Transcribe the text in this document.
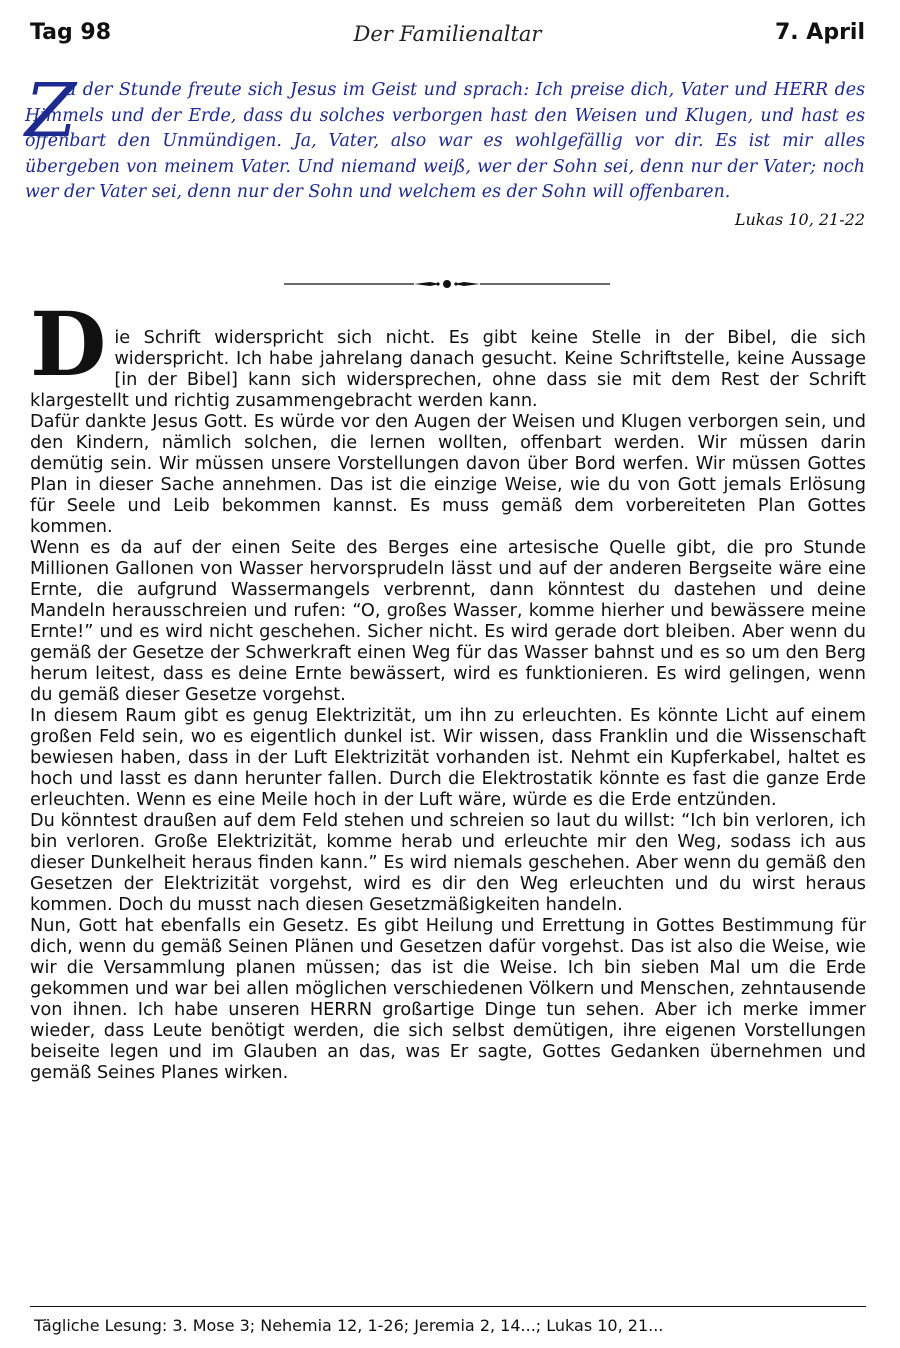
Tag 98	Der Familienaltar	7. April
Z

u der Stunde freute sich Jesus im Geist und sprach: Ich preise dich, Vater und HERR des Himmels und der Erde, dass du solches verborgen hast den Weisen und Klugen, und hast es offenbart den Unmündigen. Ja, Vater, also war es wohlgefällig vor dir. Es ist mir alles übergeben von meinem Vater. Und niemand weiß, wer der Sohn sei, denn nur der Vater; noch wer der Vater sei, denn nur der Sohn und welchem es der Sohn will offenbaren.

Lukas 10, 21-22
D ie Schrift widerspricht sich nicht. Es gibt keine Stelle in der Bibel, die sich widerspricht. Ich habe jahrelang danach gesucht. Keine Schriftstelle, keine Aussage [in der Bibel] kann sich widersprechen, ohne dass sie mit dem Rest der Schrift klargestellt und richtig zusammengebracht werden kann.

Dafür dankte Jesus Gott. Es würde vor den Augen der Weisen und Klugen verborgen sein, und den Kindern, nämlich solchen, die lernen wollten, offenbart werden. Wir müssen darin demütig sein. Wir müssen unsere Vorstellungen davon über Bord werfen. Wir müssen Gottes Plan in dieser Sache annehmen. Das ist die einzige Weise, wie du von Gott jemals Erlösung für Seele und Leib bekommen kannst. Es muss gemäß dem vorbereiteten Plan Gottes kommen.

Wenn es da auf der einen Seite des Berges eine artesische Quelle gibt, die pro Stunde Millionen Gallonen von Wasser hervorsprudeln lässt und auf der anderen Bergseite wäre eine Ernte, die aufgrund Wassermangels verbrennt, dann könntest du dastehen und deine Mandeln herausschreien und rufen: “O, großes Wasser, komme hierher und bewässere meine Ernte!” und es wird nicht geschehen. Sicher nicht. Es wird gerade dort bleiben. Aber wenn du gemäß der Gesetze der Schwerkraft einen Weg für das Wasser bahnst und es so um den Berg herum leitest, dass es deine Ernte bewässert, wird es funktionieren. Es wird gelingen, wenn du gemäß dieser Gesetze vorgehst.

In diesem Raum gibt es genug Elektrizität, um ihn zu erleuchten. Es könnte Licht auf einem großen Feld sein, wo es eigentlich dunkel ist. Wir wissen, dass Franklin und die Wissenschaft bewiesen haben, dass in der Luft Elektrizität vorhanden ist. Nehmt ein Kupferkabel, haltet es hoch und lasst es dann herunter fallen. Durch die Elektrostatik könnte es fast die ganze Erde erleuchten. Wenn es eine Meile hoch in der Luft wäre, würde es die Erde entzünden.

Du könntest draußen auf dem Feld stehen und schreien so laut du willst: “Ich bin verloren, ich bin verloren. Große Elektrizität, komme herab und erleuchte mir den Weg, sodass ich aus dieser Dunkelheit heraus finden kann.” Es wird niemals geschehen. Aber wenn du gemäß den Gesetzen der Elektrizität vorgehst, wird es dir den Weg erleuchten und du wirst heraus kommen. Doch du musst nach diesen Gesetzmäßigkeiten handeln.

Nun, Gott hat ebenfalls ein Gesetz. Es gibt Heilung und Errettung in Gottes Bestimmung für dich, wenn du gemäß Seinen Plänen und Gesetzen dafür vorgehst. Das ist also die Weise, wie wir die Versammlung planen müssen; das ist die Weise. Ich bin sieben Mal um die Erde gekommen und war bei allen möglichen verschiedenen Völkern und Menschen, zehntausende von ihnen. Ich habe unseren HERRN großartige Dinge tun sehen. Aber ich merke immer wieder, dass Leute benötigt werden, die sich selbst demütigen, ihre eigenen Vorstellungen beiseite legen und im Glauben an das, was Er sagte, Gottes Gedanken übernehmen und gemäß Seines Planes wirken.

Tägliche Lesung: 3. Mose 3; Nehemia 12, 1-26; Jeremia 2, 14...; Lukas 10, 21...
